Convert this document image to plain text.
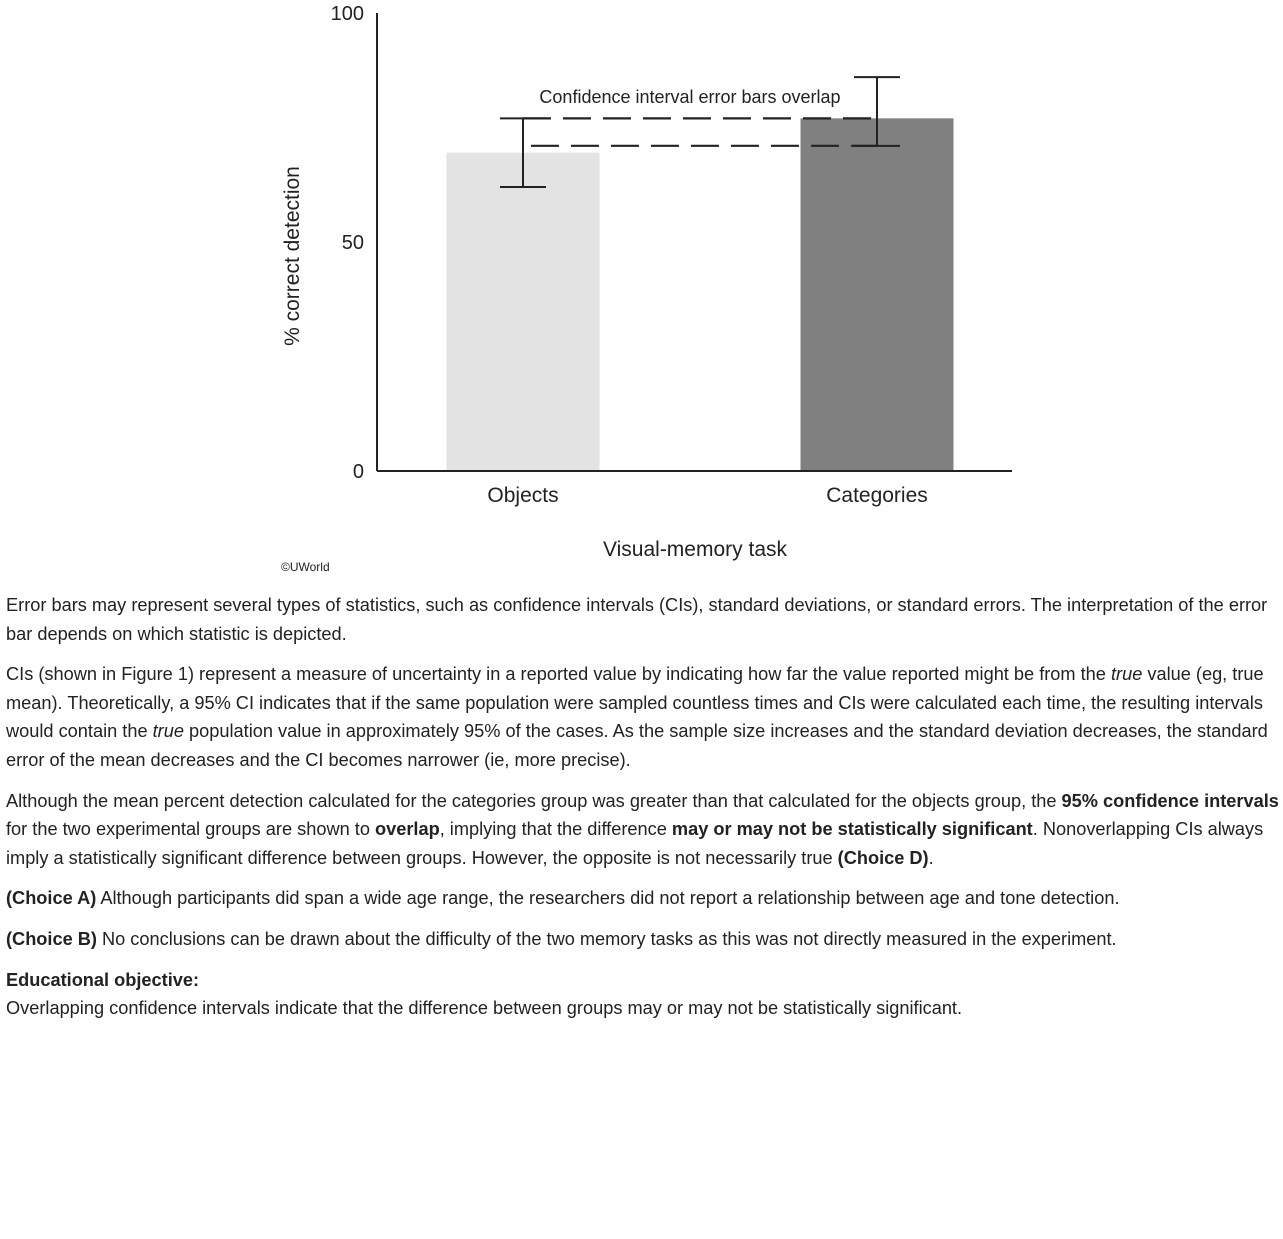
0
50
100
Objects	Categories
% correct detection
Visual-memory task
Confidence interval error bars overlap
©UWorld

Error bars may represent several types of statistics, such as confidence intervals (CIs), standard deviations, or standard errors. The interpretation of the error bar depends on which statistic is depicted.

CIs (shown in Figure 1) represent a measure of uncertainty in a reported value by indicating how far the value reported might be from the true value (eg, true mean). Theoretically, a 95% CI indicates that if the same population were sampled countless times and CIs were calculated each time, the resulting intervals would contain the true population value in approximately 95% of the cases. As the sample size increases and the standard deviation decreases, the standard error of the mean decreases and the CI becomes narrower (ie, more precise).

Although the mean percent detection calculated for the categories group was greater than that calculated for the objects group, the 95% confidence intervals for the two experimental groups are shown to overlap, implying that the difference may or may not be statistically significant. Nonoverlapping CIs always imply a statistically significant difference between groups. However, the opposite is not necessarily true (Choice D).

(Choice A) Although participants did span a wide age range, the researchers did not report a relationship between age and tone detection.

(Choice B) No conclusions can be drawn about the difficulty of the two memory tasks as this was not directly measured in the experiment.

Educational objective:

Overlapping confidence intervals indicate that the difference between groups may or may not be statistically significant.
